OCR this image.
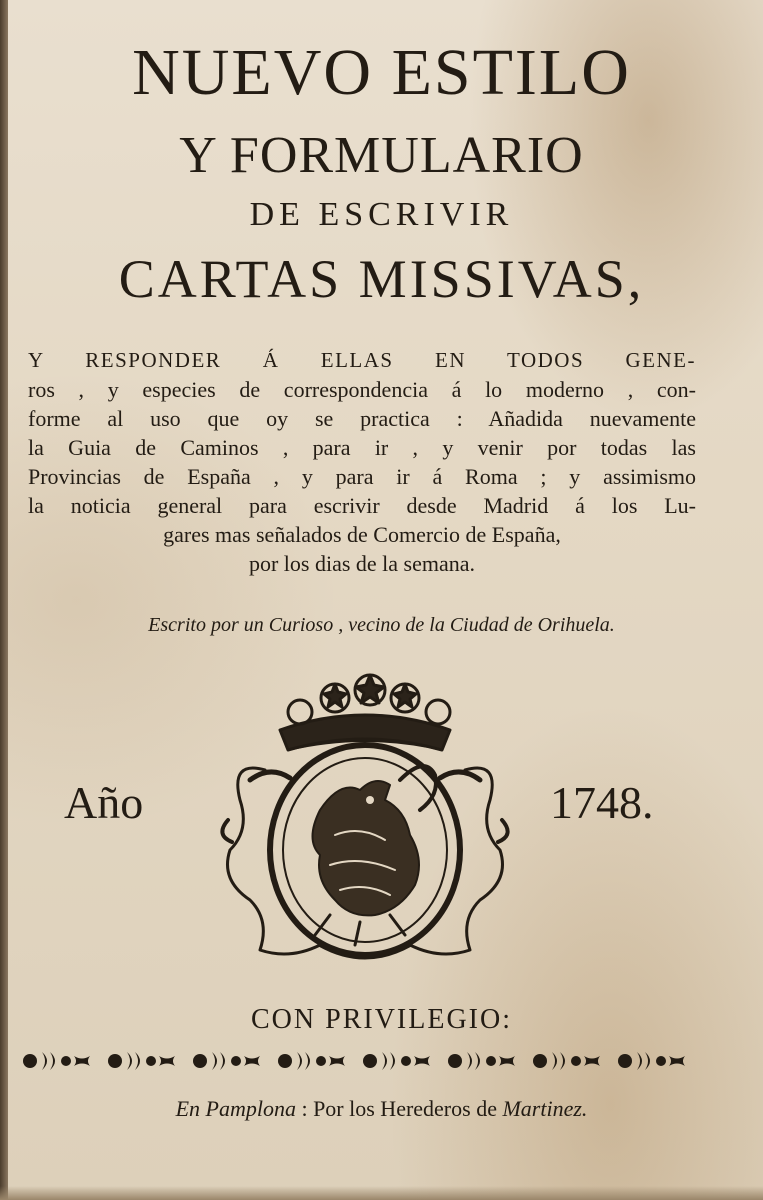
NUEVO ESTILO
Y FORMULARIO
DE ESCRIVIR
CARTAS MISSIVAS,
Y RESPONDER Á ELLAS EN TODOS GENE-
ros , y especies de correspondencia á lo moderno , con-
forme al uso que oy se practica : Añadida nuevamente
la Guia de Caminos , para ir , y venir por todas las
Provincias de España , y para ir á Roma ; y assimismo
la noticia general para escrivir desde Madrid á los Lu-
gares mas señalados de Comercio de España,
por los dias de la semana.
Escrito por un Curioso , vecino de la Ciudad de Orihuela.
Año	1748.
CON PRIVILEGIO:
En Pamplona : Por los Herederos de Martinez.
